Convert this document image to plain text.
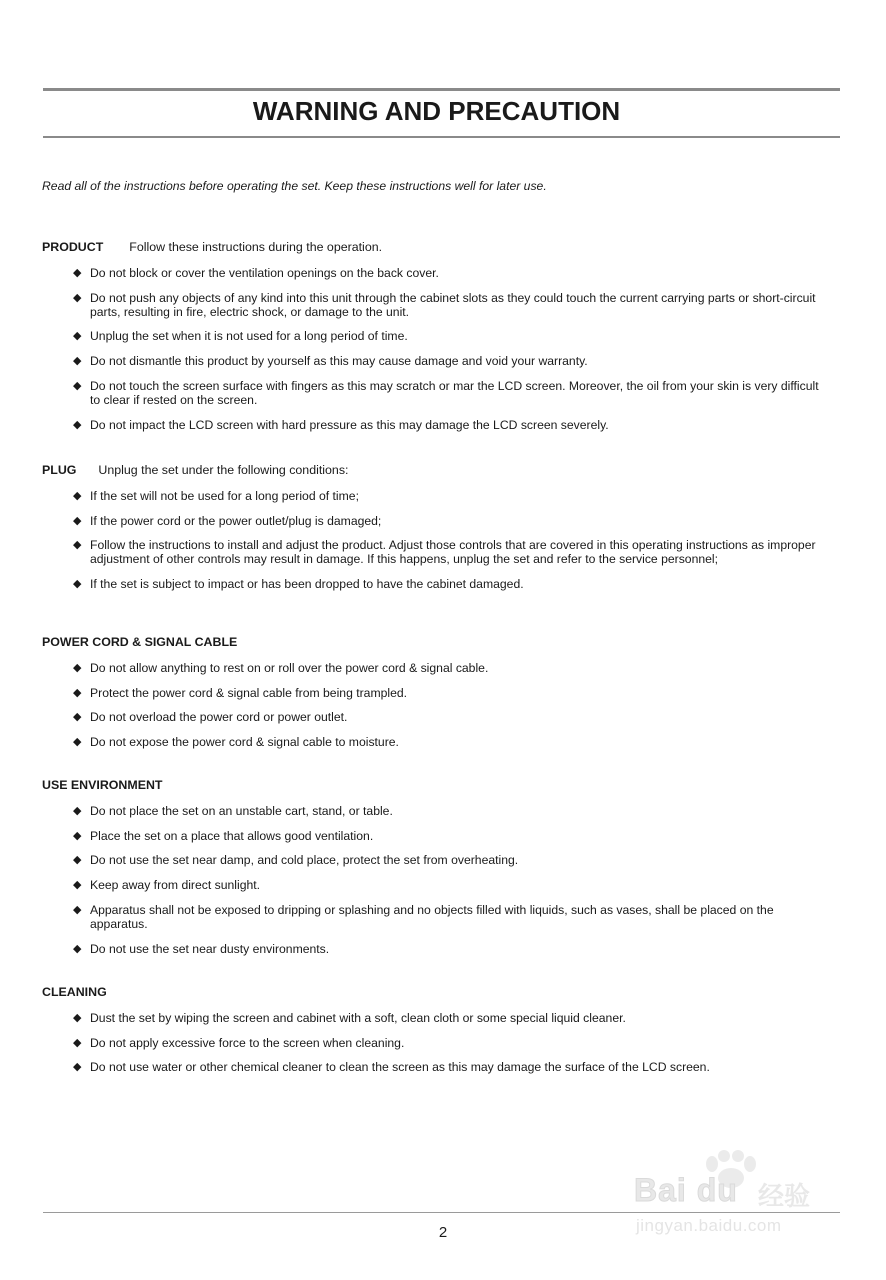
WARNING AND PRECAUTION
Read all of the instructions before operating the set. Keep these instructions well for later use.
PRODUCT Follow these instructions during the operation.
◆ Do not block or cover the ventilation openings on the back cover.
◆ Do not push any objects of any kind into this unit through the cabinet slots as they could touch the current carrying parts or short-circuit parts, resulting in fire, electric shock, or damage to the unit.
◆ Unplug the set when it is not used for a long period of time.
◆ Do not dismantle this product by yourself as this may cause damage and void your warranty.
◆ Do not touch the screen surface with fingers as this may scratch or mar the LCD screen. Moreover, the oil from your skin is very difficult to clear if rested on the screen.
◆ Do not impact the LCD screen with hard pressure as this may damage the LCD screen severely.
PLUG Unplug the set under the following conditions:
◆ If the set will not be used for a long period of time;
◆ If the power cord or the power outlet/plug is damaged;
◆ Follow the instructions to install and adjust the product. Adjust those controls that are covered in this operating instructions as improper adjustment of other controls may result in damage. If this happens, unplug the set and refer to the service personnel;
◆ If the set is subject to impact or has been dropped to have the cabinet damaged.
POWER CORD & SIGNAL CABLE
◆ Do not allow anything to rest on or roll over the power cord & signal cable.
◆ Protect the power cord & signal cable from being trampled.
◆ Do not overload the power cord or power outlet.
◆ Do not expose the power cord & signal cable to moisture.
USE ENVIRONMENT
◆ Do not place the set on an unstable cart, stand, or table.
◆ Place the set on a place that allows good ventilation.
◆ Do not use the set near damp, and cold place, protect the set from overheating.
◆ Keep away from direct sunlight.
◆ Apparatus shall not be exposed to dripping or splashing and no objects filled with liquids, such as vases, shall be placed on the apparatus.
◆ Do not use the set near dusty environments.
CLEANING
◆ Dust the set by wiping the screen and cabinet with a soft, clean cloth or some special liquid cleaner.
◆ Do not apply excessive force to the screen when cleaning.
◆ Do not use water or other chemical cleaner to clean the screen as this may damage the surface of the LCD screen.
Bai du 经验
jingyan.baidu.com
2
